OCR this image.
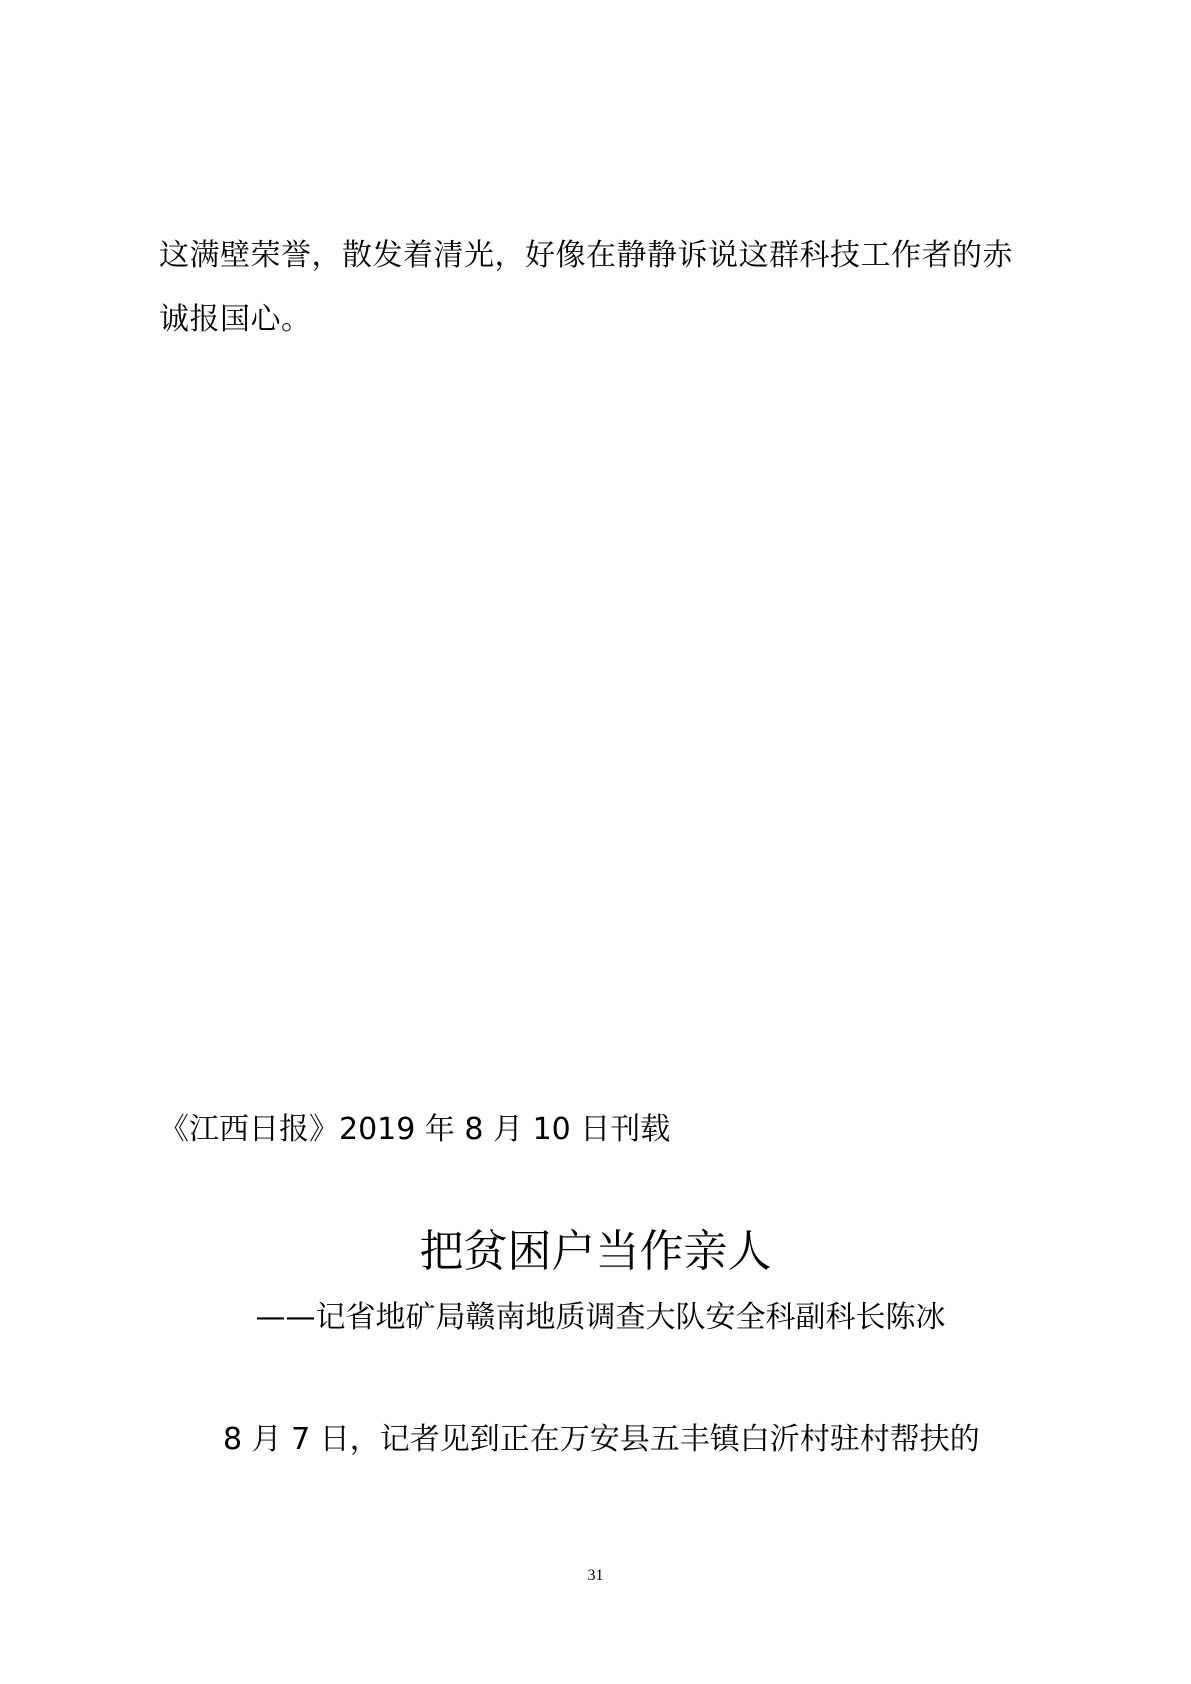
这满壁荣誉，散发着清光，好像在静静诉说这群科技工作者的赤诚报国心。

《江西日报》2019 年 8 月 10 日刊载

把贫困户当作亲人

——记省地矿局赣南地质调查大队安全科副科长陈冰

8 月 7 日，记者见到正在万安县五丰镇白沂村驻村帮扶的

31
